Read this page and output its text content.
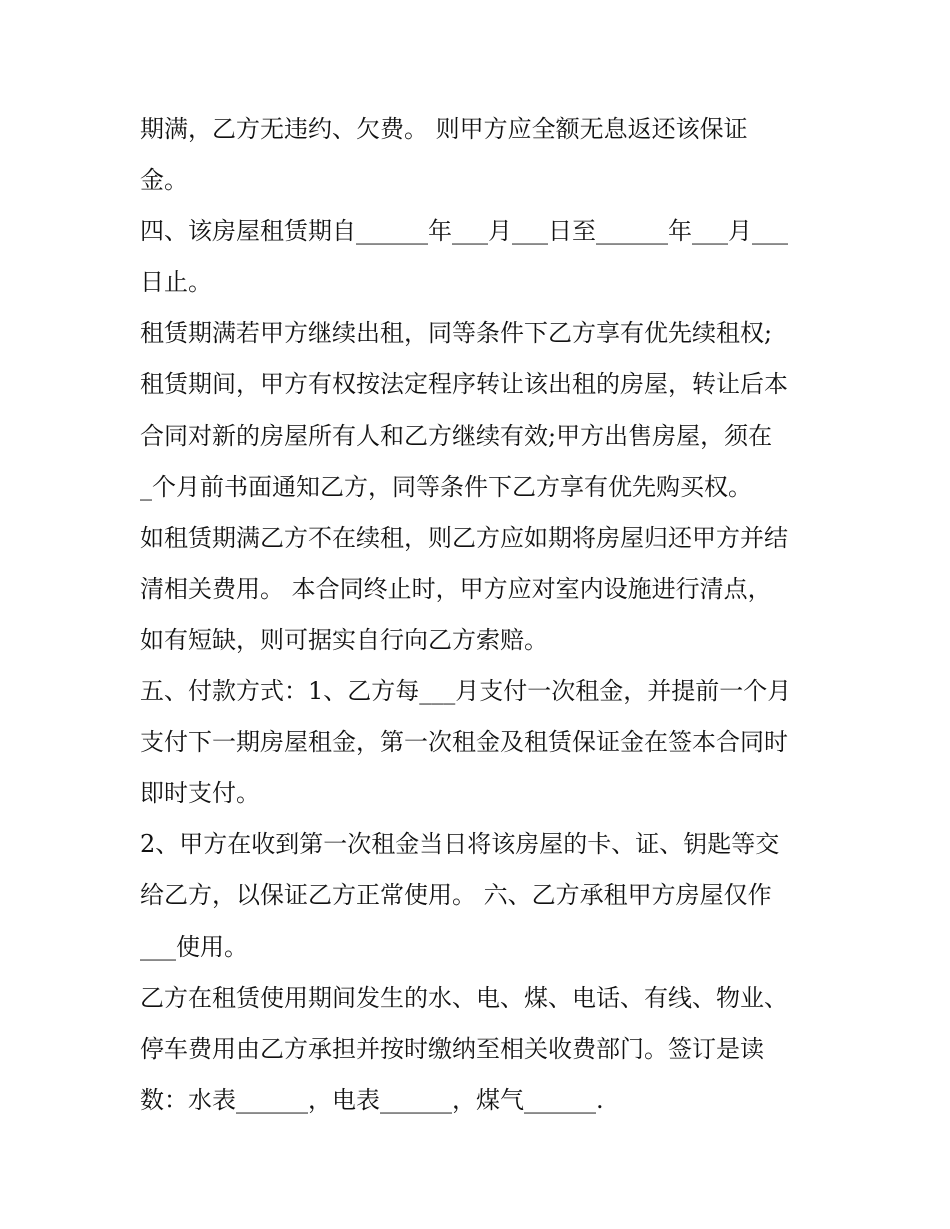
期满，乙方无违约、欠费。 则甲方应全额无息返还该保证
金。
四、该房屋租赁期自______年___月___日至______年___月___
日止。
租赁期满若甲方继续出租，同等条件下乙方享有优先续租权;
租赁期间，甲方有权按法定程序转让该出租的房屋，转让后本
合同对新的房屋所有人和乙方继续有效;甲方出售房屋，须在
_个月前书面通知乙方，同等条件下乙方享有优先购买权。
如租赁期满乙方不在续租，则乙方应如期将房屋归还甲方并结
清相关费用。 本合同终止时，甲方应对室内设施进行清点，
如有短缺，则可据实自行向乙方索赔。
五、付款方式：1、乙方每___月支付一次租金，并提前一个月
支付下一期房屋租金，第一次租金及租赁保证金在签本合同时
即时支付。
2、甲方在收到第一次租金当日将该房屋的卡、证、钥匙等交
给乙方，以保证乙方正常使用。 六、乙方承租甲方房屋仅作
___使用。
乙方在租赁使用期间发生的水、电、煤、电话、有线、物业、
停车费用由乙方承担并按时缴纳至相关收费部门。签订是读
数：水表______，电表______，煤气______.
